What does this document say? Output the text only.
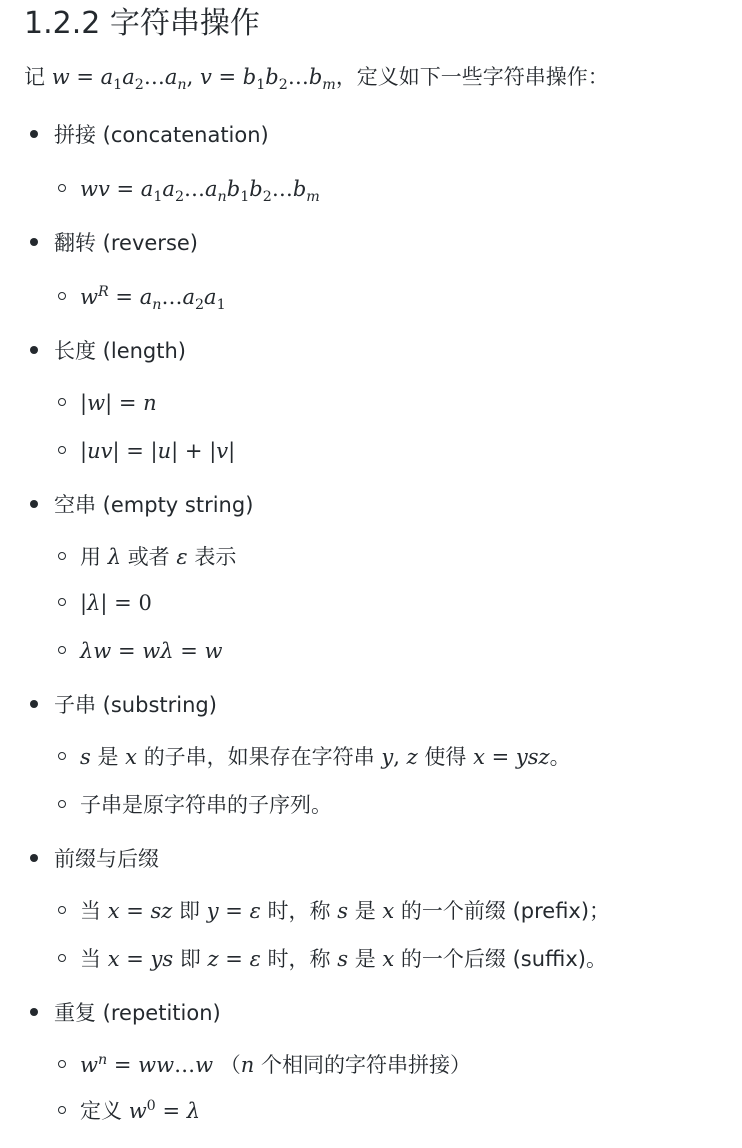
1.2.2 字符串操作
记 $w = a_1a_2\dots a_n$, $v = b_1b_2\dots b_m$，定义如下一些字符串操作：
拼接 (concatenation)
wv = $a_1a_2\dots a_nb_1b_2\dots b_m$
翻转 (reverse)
$w^R$ = $a_n\dots a_2a_1$
长度 (length)
|w| = n
|uv| = |u| + |v|
空串 (empty string)
用 λ 或者 ε 表示
|λ| = 0
λw = wλ = w
子串 (substring)
s 是 x 的子串，如果存在字符串 y, z 使得 x = ysz。
子串是原字符串的子序列。
前缀与后缀
当 x = sz 即 y = ε 时，称 s 是 x 的一个前缀 (prefix)；
当 x = ys 即 z = ε 时，称 s 是 x 的一个后缀 (suffix)。
重复 (repetition)
$w^n$ = ww…w （n 个相同的字符串拼接）
定义 $w^0 = \lambda$
